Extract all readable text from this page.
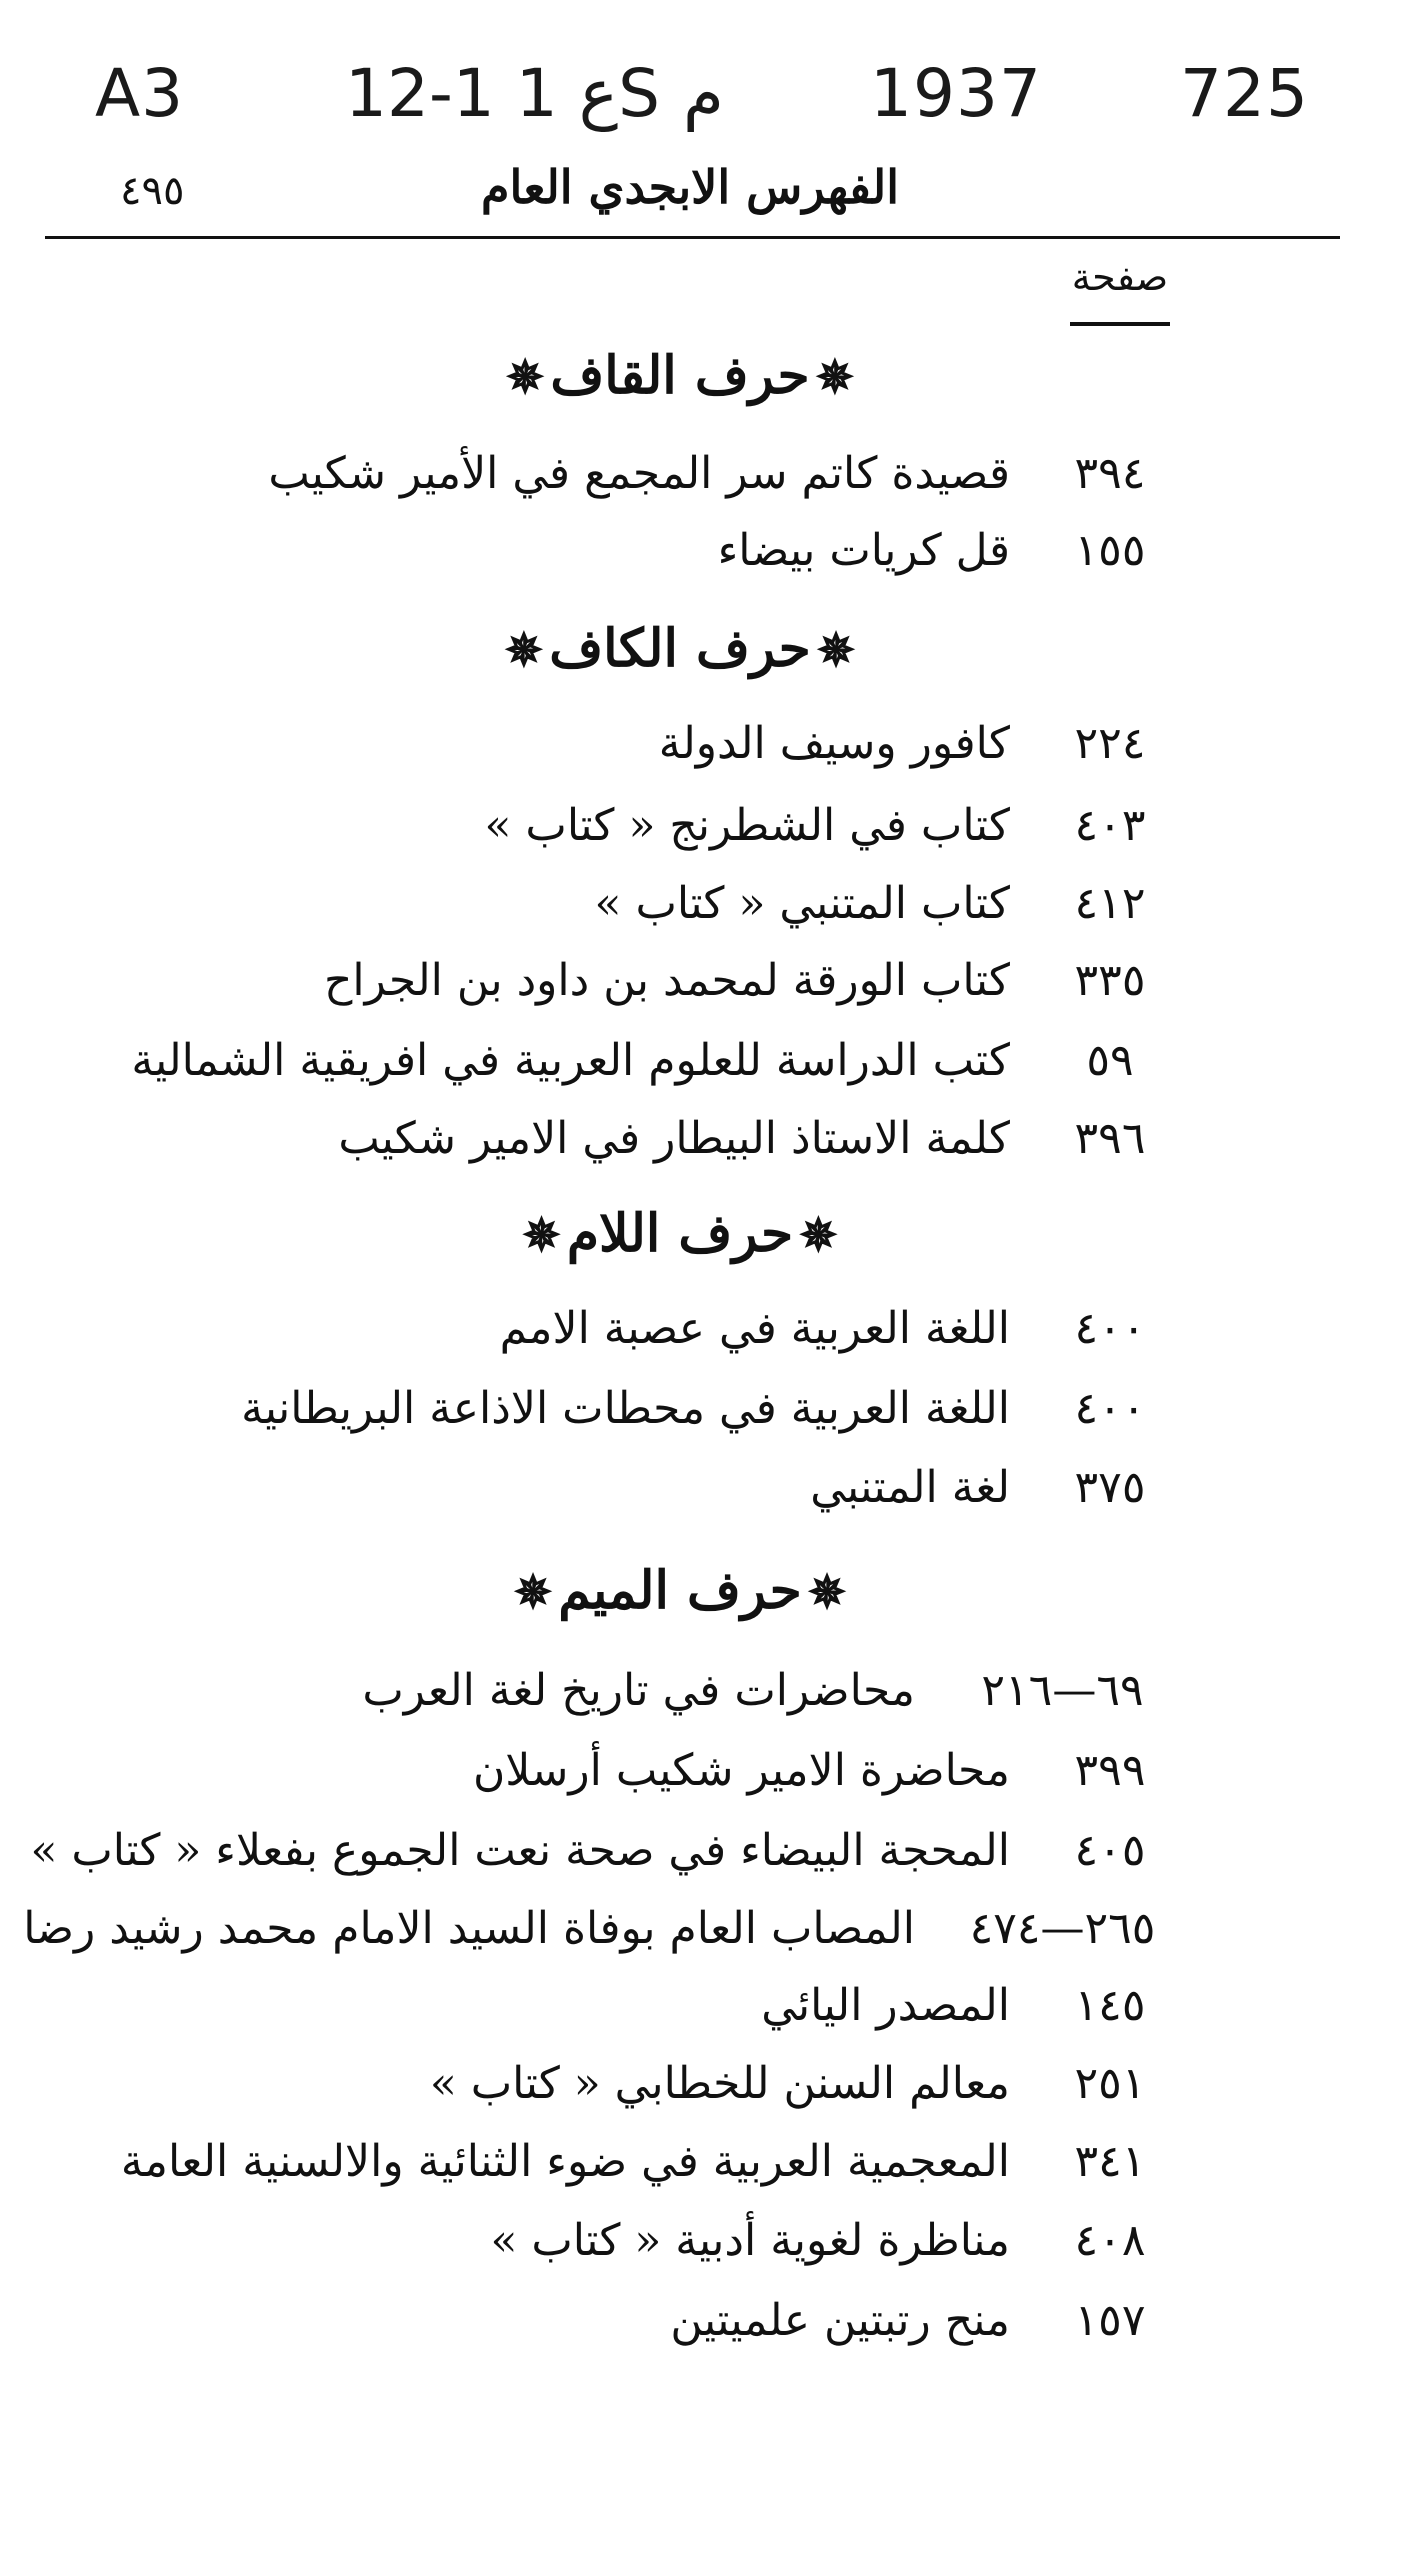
A3 12-1 ع 1S م 1937 725
٤٩٥	الفهرس الابجدي العام
صفحة
✵حرف القاف✵
٣٩٤
قصيدة كاتم سر المجمع في الأمير شكيب
١٥٥
قل كريات بيضاء
✵حرف الكاف✵
٢٢٤
كافور وسيف الدولة
٤٠٣
كتاب في الشطرنج « كتاب »
٤١٢
كتاب المتنبي « كتاب »
٣٣٥
كتاب الورقة لمحمد بن داود بن الجراح
٥٩
كتب الدراسة للعلوم العربية في افريقية الشمالية
٣٩٦
كلمة الاستاذ البيطار في الامير شكيب
✵حرف اللام✵
٤٠٠
اللغة العربية في عصبة الامم
٤٠٠
اللغة العربية في محطات الاذاعة البريطانية
٣٧٥
لغة المتنبي
✵حرف الميم✵
٦٩—٢١٦
محاضرات في تاريخ لغة العرب
٣٩٩
محاضرة الامير شكيب أرسلان
٤٠٥
المحجة البيضاء في صحة نعت الجموع بفعلاء « كتاب »
٢٦٥—٤٧٤
المصاب العام بوفاة السيد الامام محمد رشيد رضا
١٤٥
المصدر اليائي
٢٥١
معالم السنن للخطابي « كتاب »
٣٤١
المعجمية العربية في ضوء الثنائية والالسنية العامة
٤٠٨
مناظرة لغوية أدبية « كتاب »
١٥٧
منح رتبتين علميتين
